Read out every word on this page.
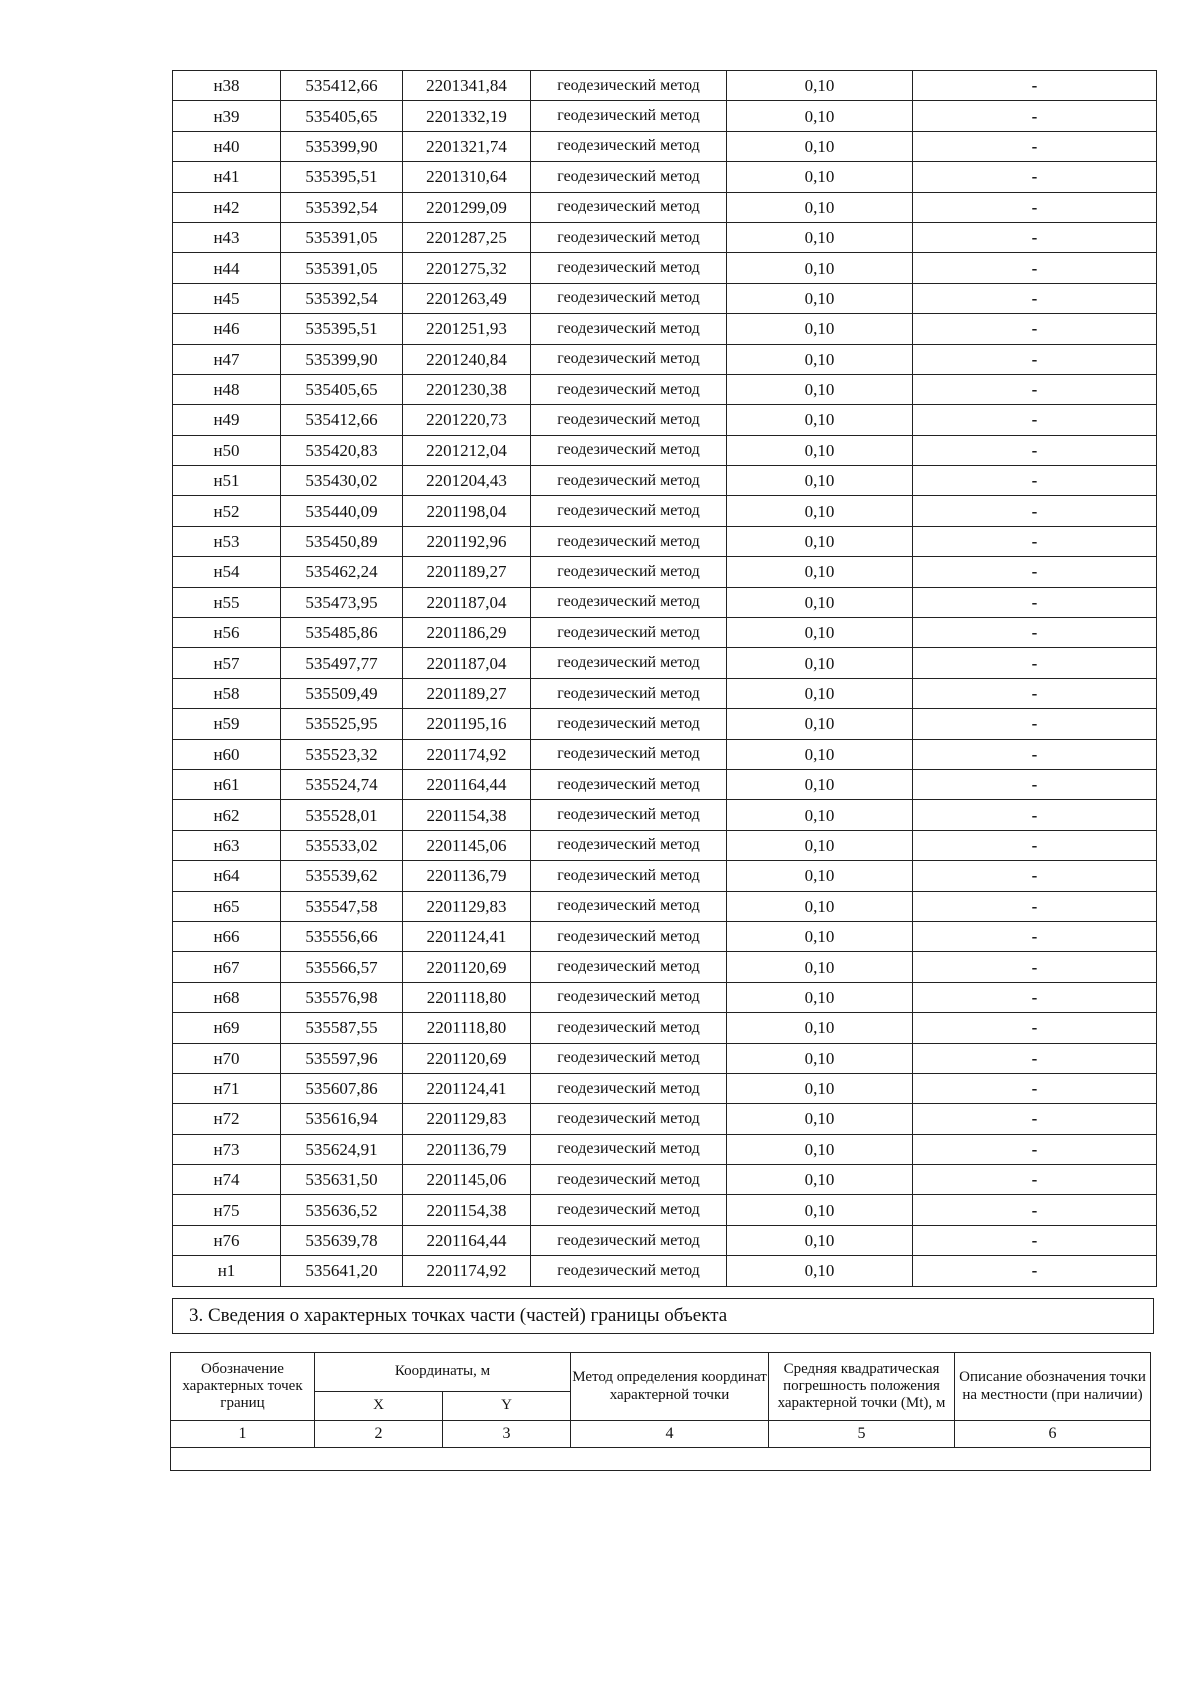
н38	535412,66	2201341,84	геодезический метод	0,10	-
н39	535405,65	2201332,19	геодезический метод	0,10	-
н40	535399,90	2201321,74	геодезический метод	0,10	-
н41	535395,51	2201310,64	геодезический метод	0,10	-
н42	535392,54	2201299,09	геодезический метод	0,10	-
н43	535391,05	2201287,25	геодезический метод	0,10	-
н44	535391,05	2201275,32	геодезический метод	0,10	-
н45	535392,54	2201263,49	геодезический метод	0,10	-
н46	535395,51	2201251,93	геодезический метод	0,10	-
н47	535399,90	2201240,84	геодезический метод	0,10	-
н48	535405,65	2201230,38	геодезический метод	0,10	-
н49	535412,66	2201220,73	геодезический метод	0,10	-
н50	535420,83	2201212,04	геодезический метод	0,10	-
н51	535430,02	2201204,43	геодезический метод	0,10	-
н52	535440,09	2201198,04	геодезический метод	0,10	-
н53	535450,89	2201192,96	геодезический метод	0,10	-
н54	535462,24	2201189,27	геодезический метод	0,10	-
н55	535473,95	2201187,04	геодезический метод	0,10	-
н56	535485,86	2201186,29	геодезический метод	0,10	-
н57	535497,77	2201187,04	геодезический метод	0,10	-
н58	535509,49	2201189,27	геодезический метод	0,10	-
н59	535525,95	2201195,16	геодезический метод	0,10	-
н60	535523,32	2201174,92	геодезический метод	0,10	-
н61	535524,74	2201164,44	геодезический метод	0,10	-
н62	535528,01	2201154,38	геодезический метод	0,10	-
н63	535533,02	2201145,06	геодезический метод	0,10	-
н64	535539,62	2201136,79	геодезический метод	0,10	-
н65	535547,58	2201129,83	геодезический метод	0,10	-
н66	535556,66	2201124,41	геодезический метод	0,10	-
н67	535566,57	2201120,69	геодезический метод	0,10	-
н68	535576,98	2201118,80	геодезический метод	0,10	-
н69	535587,55	2201118,80	геодезический метод	0,10	-
н70	535597,96	2201120,69	геодезический метод	0,10	-
н71	535607,86	2201124,41	геодезический метод	0,10	-
н72	535616,94	2201129,83	геодезический метод	0,10	-
н73	535624,91	2201136,79	геодезический метод	0,10	-
н74	535631,50	2201145,06	геодезический метод	0,10	-
н75	535636,52	2201154,38	геодезический метод	0,10	-
н76	535639,78	2201164,44	геодезический метод	0,10	-
н1	535641,20	2201174,92	геодезический метод	0,10	-
3. Сведения о характерных точках части (частей) границы объекта
Обозначение характерных точек границ	Координаты, м		Метод определения координат характерной точки	Средняя квадратическая погрешность положения характерной точки (Mt), м	Описание обозначения точки на местности (при наличии)
	X	Y			
1	2	3	4	5	6
